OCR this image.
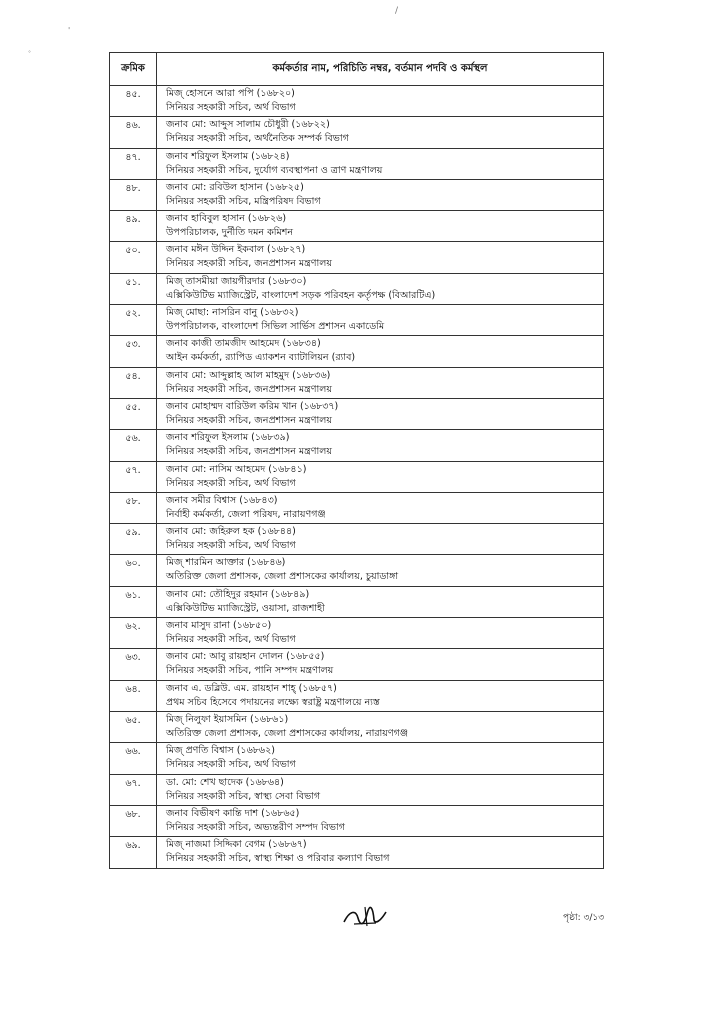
/
'
°
ক্রমিক	কর্মকর্তার নাম, পরিচিতি নম্বর, বর্তমান পদবি ও কর্মস্থল
৪৫.	মিজ্ হোসনে আরা পপি (১৬৮২০)
সিনিয়র সহকারী সচিব, অর্থ বিভাগ
৪৬.	জনাব মো: আব্দুস সালাম চৌধুরী (১৬৮২২)
সিনিয়র সহকারী সচিব, অর্থনৈতিক সম্পর্ক বিভাগ
৪৭.	জনাব শরিফুল ইসলাম (১৬৮২৪)
সিনিয়র সহকারী সচিব, দুর্যোগ ব্যবস্থাপনা ও ত্রাণ মন্ত্রণালয়
৪৮.	জনাব মো: রবিউল হাসান (১৬৮২৫)
সিনিয়র সহকারী সচিব, মন্ত্রিপরিষদ বিভাগ
৪৯.	জনাব হাবিবুল হাসান (১৬৮২৬)
উপপরিচালক, দুর্নীতি দমন কমিশন
৫০.	জনাব মঈন উদ্দিন ইকবাল (১৬৮২৭)
সিনিয়র সহকারী সচিব, জনপ্রশাসন মন্ত্রণালয়
৫১.	মিজ্ তাসমীয়া জায়গীরদার (১৬৮৩০)
এক্সিকিউটিভ ম্যাজিস্ট্রেট, বাংলাদেশ সড়ক পরিবহন কর্তৃপক্ষ (বিআরটিএ)
৫২.	মিজ্ মোছা: নাসরিন বানু (১৬৮৩২)
উপপরিচালক, বাংলাদেশ সিভিল সার্ভিস প্রশাসন একাডেমি
৫৩.	জনাব কাজী তামজীদ আহমেদ (১৬৮৩৪)
আইন কর্মকর্তা, র‍্যাপিড এ্যাকশন ব্যাটালিয়ন (র‍্যাব)
৫৪.	জনাব মো: আব্দুল্লাহ আল মাহমুদ (১৬৮৩৬)
সিনিয়র সহকারী সচিব, জনপ্রশাসন মন্ত্রণালয়
৫৫.	জনাব মোহাম্মদ বারিউল করিম খান (১৬৮৩৭)
সিনিয়র সহকারী সচিব, জনপ্রশাসন মন্ত্রণালয়
৫৬.	জনাব শরিফুল ইসলাম (১৬৮৩৯)
সিনিয়র সহকারী সচিব, জনপ্রশাসন মন্ত্রণালয়
৫৭.	জনাব মো: নাসিম আহমেদ (১৬৮৪১)
সিনিয়র সহকারী সচিব, অর্থ বিভাগ
৫৮.	জনাব সমীর বিশ্বাস (১৬৮৪৩)
নির্বাহী কর্মকর্তা, জেলা পরিষদ, নারায়ণগঞ্জ
৫৯.	জনাব মো: জহিরুল হক (১৬৮৪৪)
সিনিয়র সহকারী সচিব, অর্থ বিভাগ
৬০.	মিজ্ শারমিন আক্তার (১৬৮৪৬)
অতিরিক্ত জেলা প্রশাসক, জেলা প্রশাসকের কার্যালয়, চুয়াডাঙ্গা
৬১.	জনাব মো: তৌহিদুর রহমান (১৬৮৪৯)
এক্সিকিউটিভ ম্যাজিস্ট্রেট, ওয়াসা, রাজশাহী
৬২.	জনাব মাসুদ রানা (১৬৮৫০)
সিনিয়র সহকারী সচিব, অর্থ বিভাগ
৬৩.	জনাব মো: আবু রায়হান দোলন (১৬৮৫৫)
সিনিয়র সহকারী সচিব, পানি সম্পদ মন্ত্রণালয়
৬৪.	জনাব এ. ডব্লিউ. এম. রায়হান শাহ্ (১৬৮৫৭)
প্রথম সচিব হিসেবে পদায়নের লক্ষ্যে স্বরাষ্ট্র মন্ত্রণালয়ে ন্যস্ত
৬৫.	মিজ্ নিলুফা ইয়াসমিন (১৬৮৬১)
অতিরিক্ত জেলা প্রশাসক, জেলা প্রশাসকের কার্যালয়, নারায়ণগঞ্জ
৬৬.	মিজ্ প্রণতি বিশ্বাস (১৬৮৬২)
সিনিয়র সহকারী সচিব, অর্থ বিভাগ
৬৭.	ডা. মো: শেখ ছাদেক (১৬৮৬৪)
সিনিয়র সহকারী সচিব, স্বাস্থ্য সেবা বিভাগ
৬৮.	জনাব বিভীষণ কান্তি দাশ (১৬৮৬৫)
সিনিয়র সহকারী সচিব, অভ্যন্তরীণ সম্পদ বিভাগ
৬৯.	মিজ্ নাজমা সিদ্দিকা বেগম (১৬৮৬৭)
সিনিয়র সহকারী সচিব, স্বাস্থ্য শিক্ষা ও পরিবার কল্যাণ বিভাগ
পৃষ্ঠা: ৩/১৩
